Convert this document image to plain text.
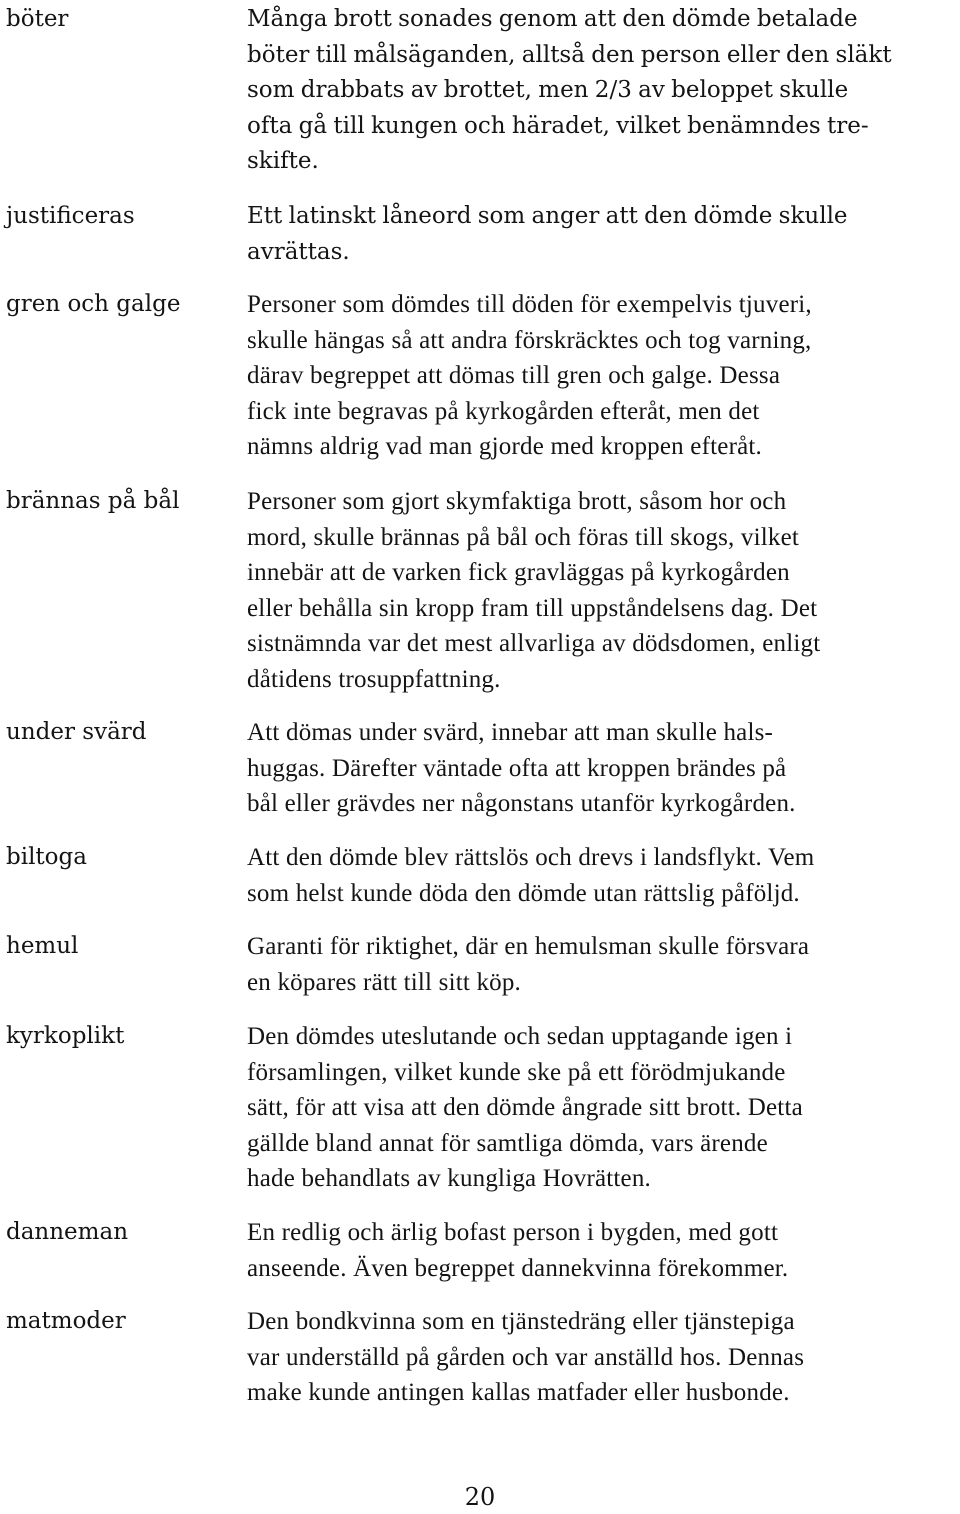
böter	Många brott sonades genom att den dömde betalade
böter till målsäganden, alltså den person eller den släkt
som drabbats av brottet, men 2/3 av beloppet skulle
ofta gå till kungen och häradet, vilket benämndes tre-
skifte.
justificeras	Ett latinskt låneord som anger att den dömde skulle
avrättas.
gren och galge	Personer som dömdes till döden för exempelvis tjuveri,
skulle hängas så att andra förskräcktes och tog varning,
därav begreppet att dömas till gren och galge. Dessa
fick inte begravas på kyrkogården efteråt, men det
nämns aldrig vad man gjorde med kroppen efteråt.
brännas på bål	Personer som gjort skymfaktiga brott, såsom hor och
mord, skulle brännas på bål och föras till skogs, vilket
innebär att de varken fick gravläggas på kyrkogården
eller behålla sin kropp fram till uppståndelsens dag. Det
sistnämnda var det mest allvarliga av dödsdomen, enligt
dåtidens trosuppfattning.
under svärd	Att dömas under svärd, innebar att man skulle hals-
huggas. Därefter väntade ofta att kroppen brändes på
bål eller grävdes ner någonstans utanför kyrkogården.
biltoga	Att den dömde blev rättslös och drevs i landsflykt. Vem
som helst kunde döda den dömde utan rättslig påföljd.
hemul	Garanti för riktighet, där en hemulsman skulle försvara
en köpares rätt till sitt köp.
kyrkoplikt	Den dömdes uteslutande och sedan upptagande igen i
församlingen, vilket kunde ske på ett förödmjukande
sätt, för att visa att den dömde ångrade sitt brott. Detta
gällde bland annat för samtliga dömda, vars ärende
hade behandlats av kungliga Hovrätten.
danneman	En redlig och ärlig bofast person i bygden, med gott
anseende. Även begreppet dannekvinna förekommer.
matmoder	Den bondkvinna som en tjänstedräng eller tjänstepiga
var underställd på gården och var anställd hos. Dennas
make kunde antingen kallas matfader eller husbonde.
20
